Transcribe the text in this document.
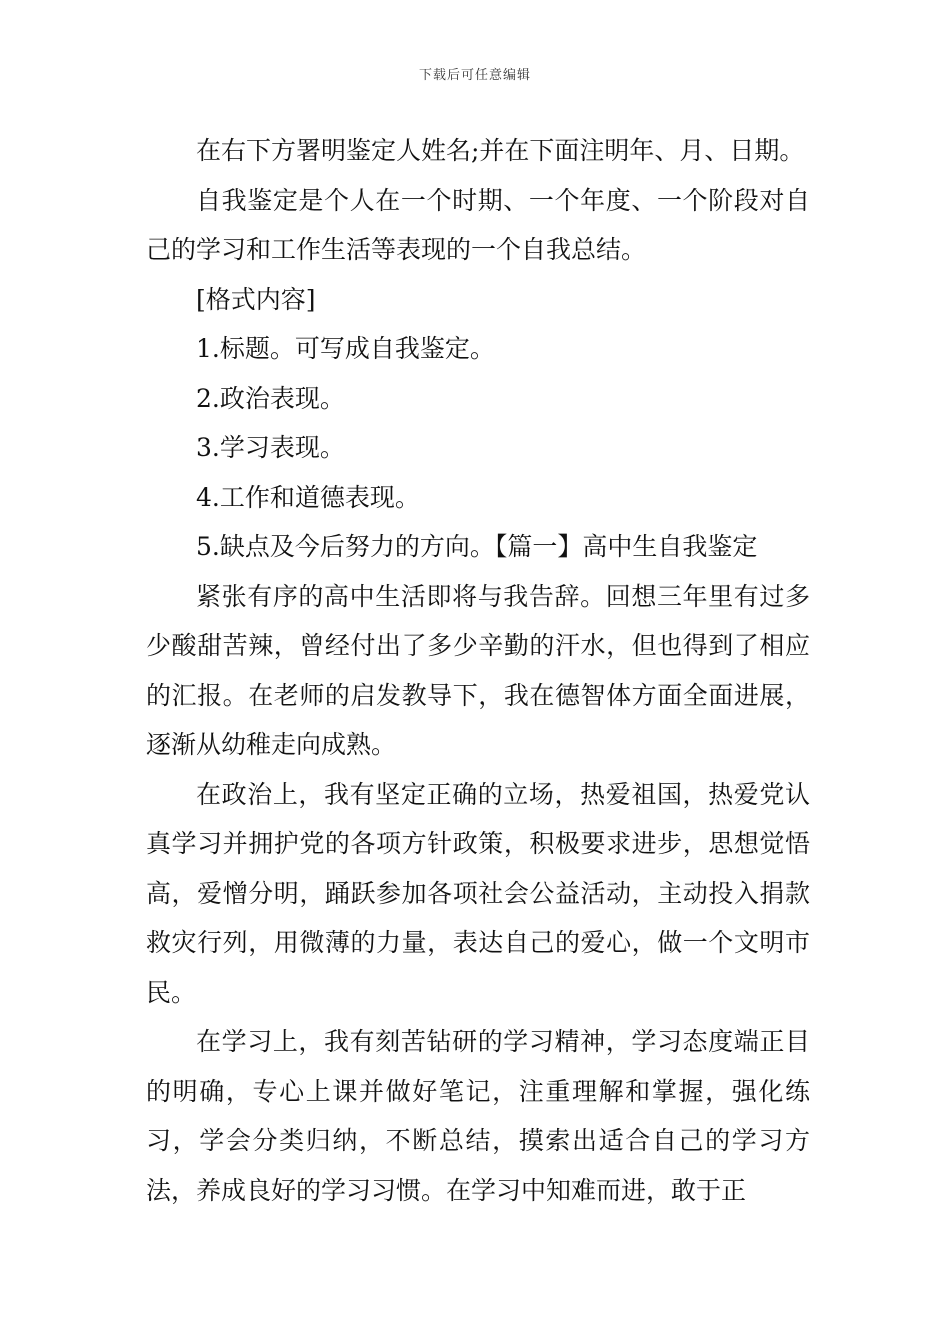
下载后可任意编辑

在右下方署明鉴定人姓名;并在下面注明年、月、日期。

自我鉴定是个人在一个时期、一个年度、一个阶段对自己的学习和工作生活等表现的一个自我总结。

[格式内容]

1.标题。可写成自我鉴定。

2.政治表现。

3.学习表现。

4.工作和道德表现。

5.缺点及今后努力的方向。【篇一】高中生自我鉴定

紧张有序的高中生活即将与我告辞。回想三年里有过多少酸甜苦辣，曾经付出了多少辛勤的汗水，但也得到了相应的汇报。在老师的启发教导下，我在德智体方面全面进展，逐渐从幼稚走向成熟。

在政治上，我有坚定正确的立场，热爱祖国，热爱党认真学习并拥护党的各项方针政策，积极要求进步，思想觉悟高，爱憎分明，踊跃参加各项社会公益活动，主动投入捐款救灾行列，用微薄的力量，表达自己的爱心，做一个文明市民。

在学习上，我有刻苦钻研的学习精神，学习态度端正目的明确，专心上课并做好笔记，注重理解和掌握，强化练习，学会分类归纳，不断总结，摸索出适合自己的学习方法，养成良好的学习习惯。在学习中知难而进，敢于正
